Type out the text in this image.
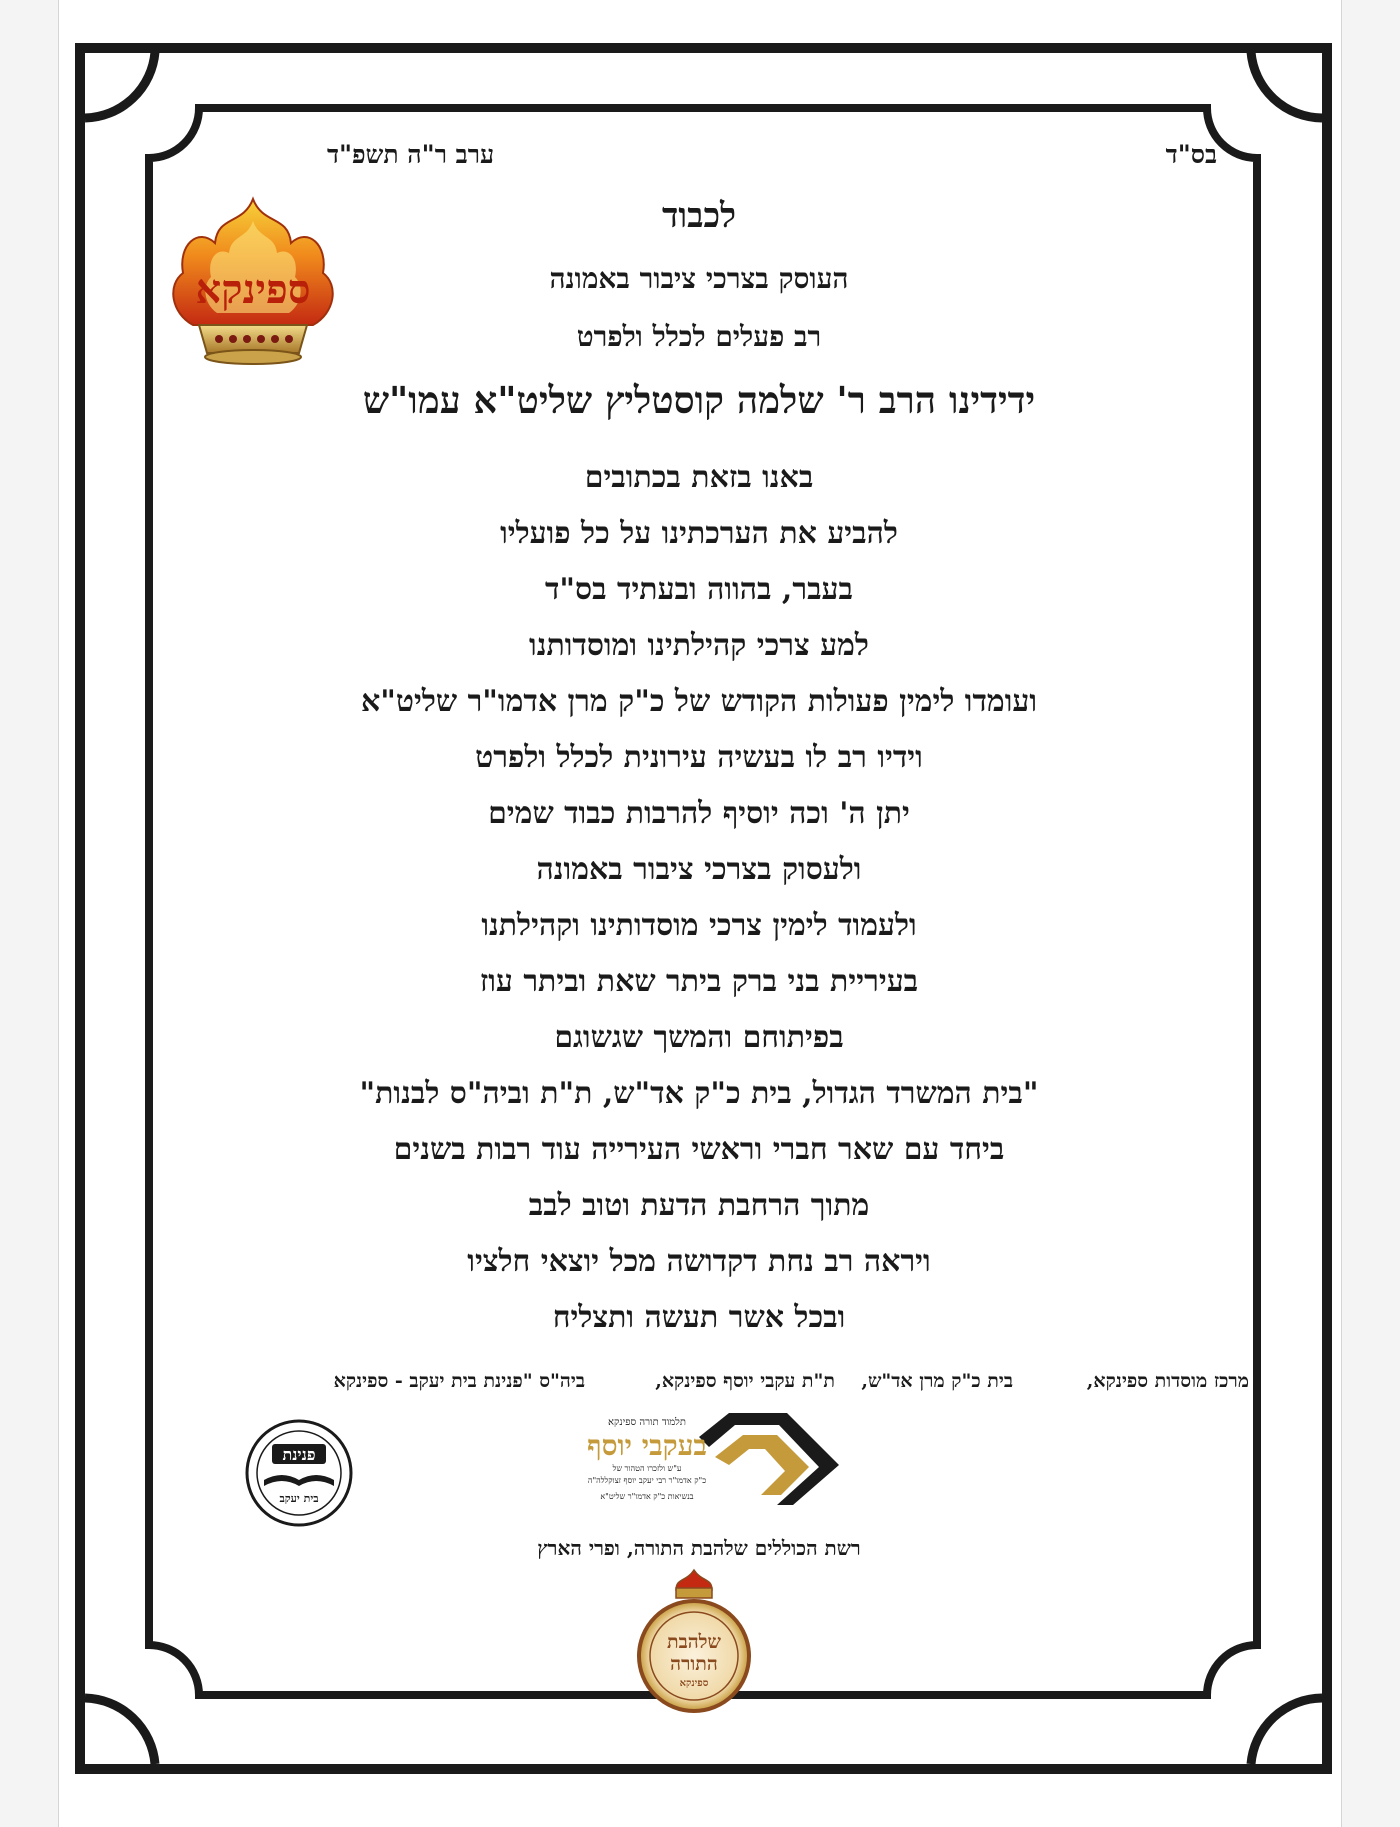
בס"ד
ערב ר"ה תשפ"ד
לכבוד
העוסק בצרכי ציבור באמונה
רב פעלים לכלל ולפרט
ידידינו הרב ר' שלמה קוסטליץ שליט"א עמו"ש
באנו בזאת בכתובים
להביע את הערכתינו על כל פועליו
בעבר, בהווה ובעתיד בס"ד
למע צרכי קהילתינו ומוסדותנו
ועומדו לימין פעולות הקודש של כ"ק מרן אדמו"ר שליט"א
וידיו רב לו בעשיה עירונית לכלל ולפרט
יתן ה' וכה יוסיף להרבות כבוד שמים
ולעסוק בצרכי ציבור באמונה
ולעמוד לימין צרכי מוסדותינו וקהילתנו
בעיריית בני ברק ביתר שאת וביתר עוז
בפיתוחם והמשך שגשוגם
"בית המשרד הגדול, בית כ"ק אד"ש, ת"ת וביה"ס לבנות"
ביחד עם שאר חברי וראשי העירייה עוד רבות בשנים
מתוך הרחבת הדעת וטוב לבב
ויראה רב נחת דקדושה מכל יוצאי חלציו
ובכל אשר תעשה ותצליח
מרכז מוסדות ספינקא,
בית כ"ק מרן אד"ש,
ת"ת עקבי יוסף ספינקא,
ביה"ס "פנינת בית יעקב - ספינקא
רשת הכוללים שלהבת התורה, ופרי הארץ
ספינקא
פנינת
בית יעקב
תלמוד תורה ספינקא
בעקבי יוסף
ע"ש ולזכרו הטהור של
כ"ק אדמו"ר רבי יעקב יוסף זצוקללה"ה
בנשיאות כ"ק אדמו"ר שליט"א
שלהבת
התורה
ספינקא
